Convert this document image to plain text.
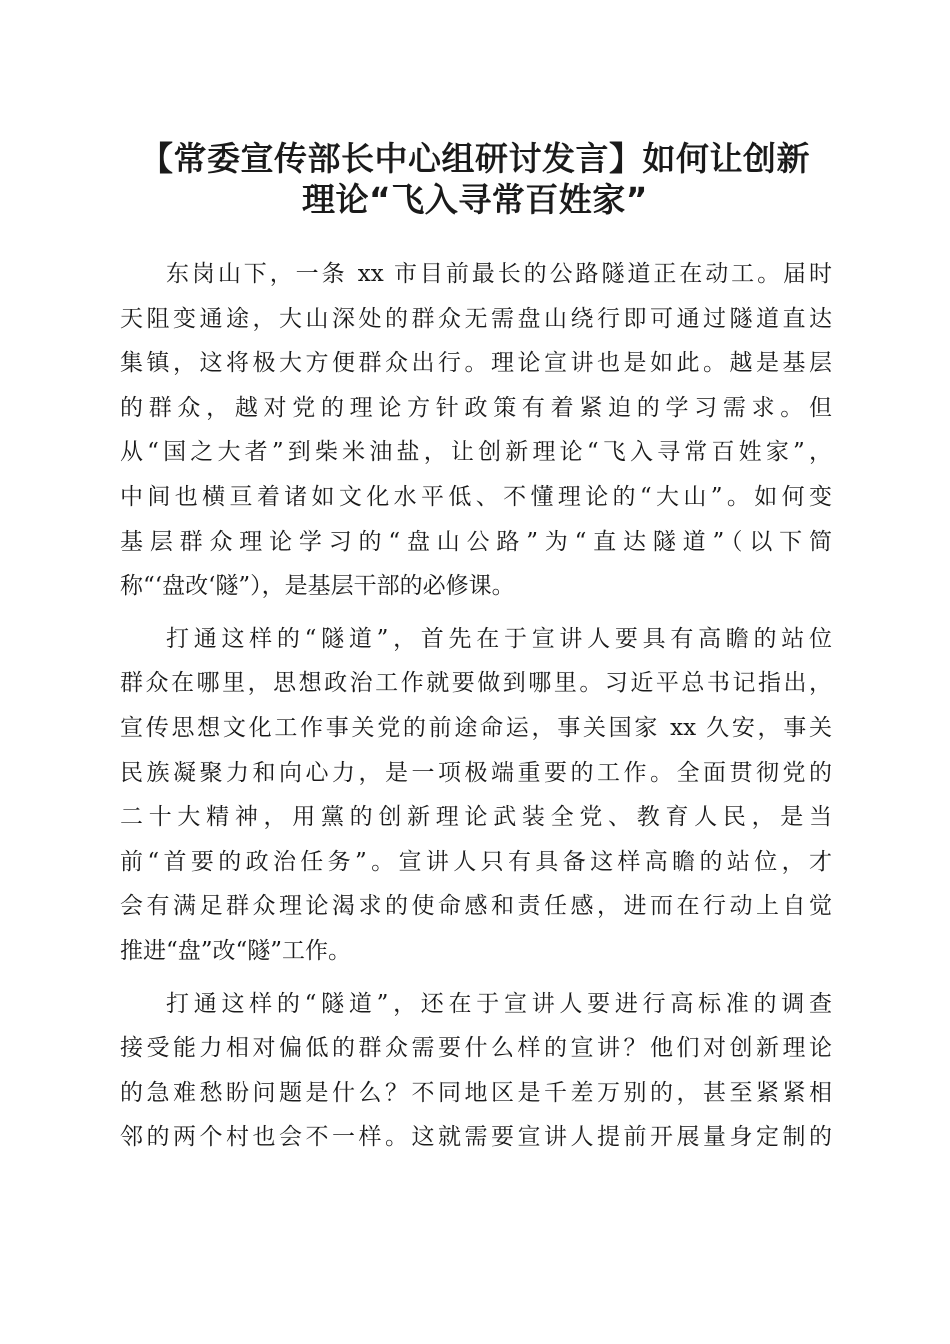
【常委宣传部长中心组研讨发言】如何让创新
理论“飞入寻常百姓家”
东岗山下，一条 xx 市目前最长的公路隧道正在动工。届时
天阻变通途，大山深处的群众无需盘山绕行即可通过隧道直达
集镇，这将极大方便群众出行。理论宣讲也是如此。越是基层
的群众，越对党的理论方针政策有着紧迫的学习需求。但
从“国之大者”到柴米油盐，让创新理论“飞入寻常百姓家”，
中间也横亘着诸如文化水平低、不懂理论的“大山”。如何变
基层群众理论学习的“盘山公路”为“直达隧道”（以下简
称“‘盘改‘隧”），是基层干部的必修课。
打通这样的“隧道”，首先在于宣讲人要具有高瞻的站位
群众在哪里，思想政治工作就要做到哪里。习近平总书记指出，
宣传思想文化工作事关党的前途命运，事关国家 xx 久安，事关
民族凝聚力和向心力，是一项极端重要的工作。全面贯彻党的
二十大精神，用黨的创新理论武装全党、教育人民，是当
前“首要的政治任务”。宣讲人只有具备这样高瞻的站位，才
会有满足群众理论渴求的使命感和责任感，进而在行动上自觉
推进“盘”改“隧”工作。
打通这样的“隧道”，还在于宣讲人要进行高标准的调查
接受能力相对偏低的群众需要什么样的宣讲？他们对创新理论
的急难愁盼问题是什么？不同地区是千差万别的，甚至紧紧相
邻的两个村也会不一样。这就需要宣讲人提前开展量身定制的
